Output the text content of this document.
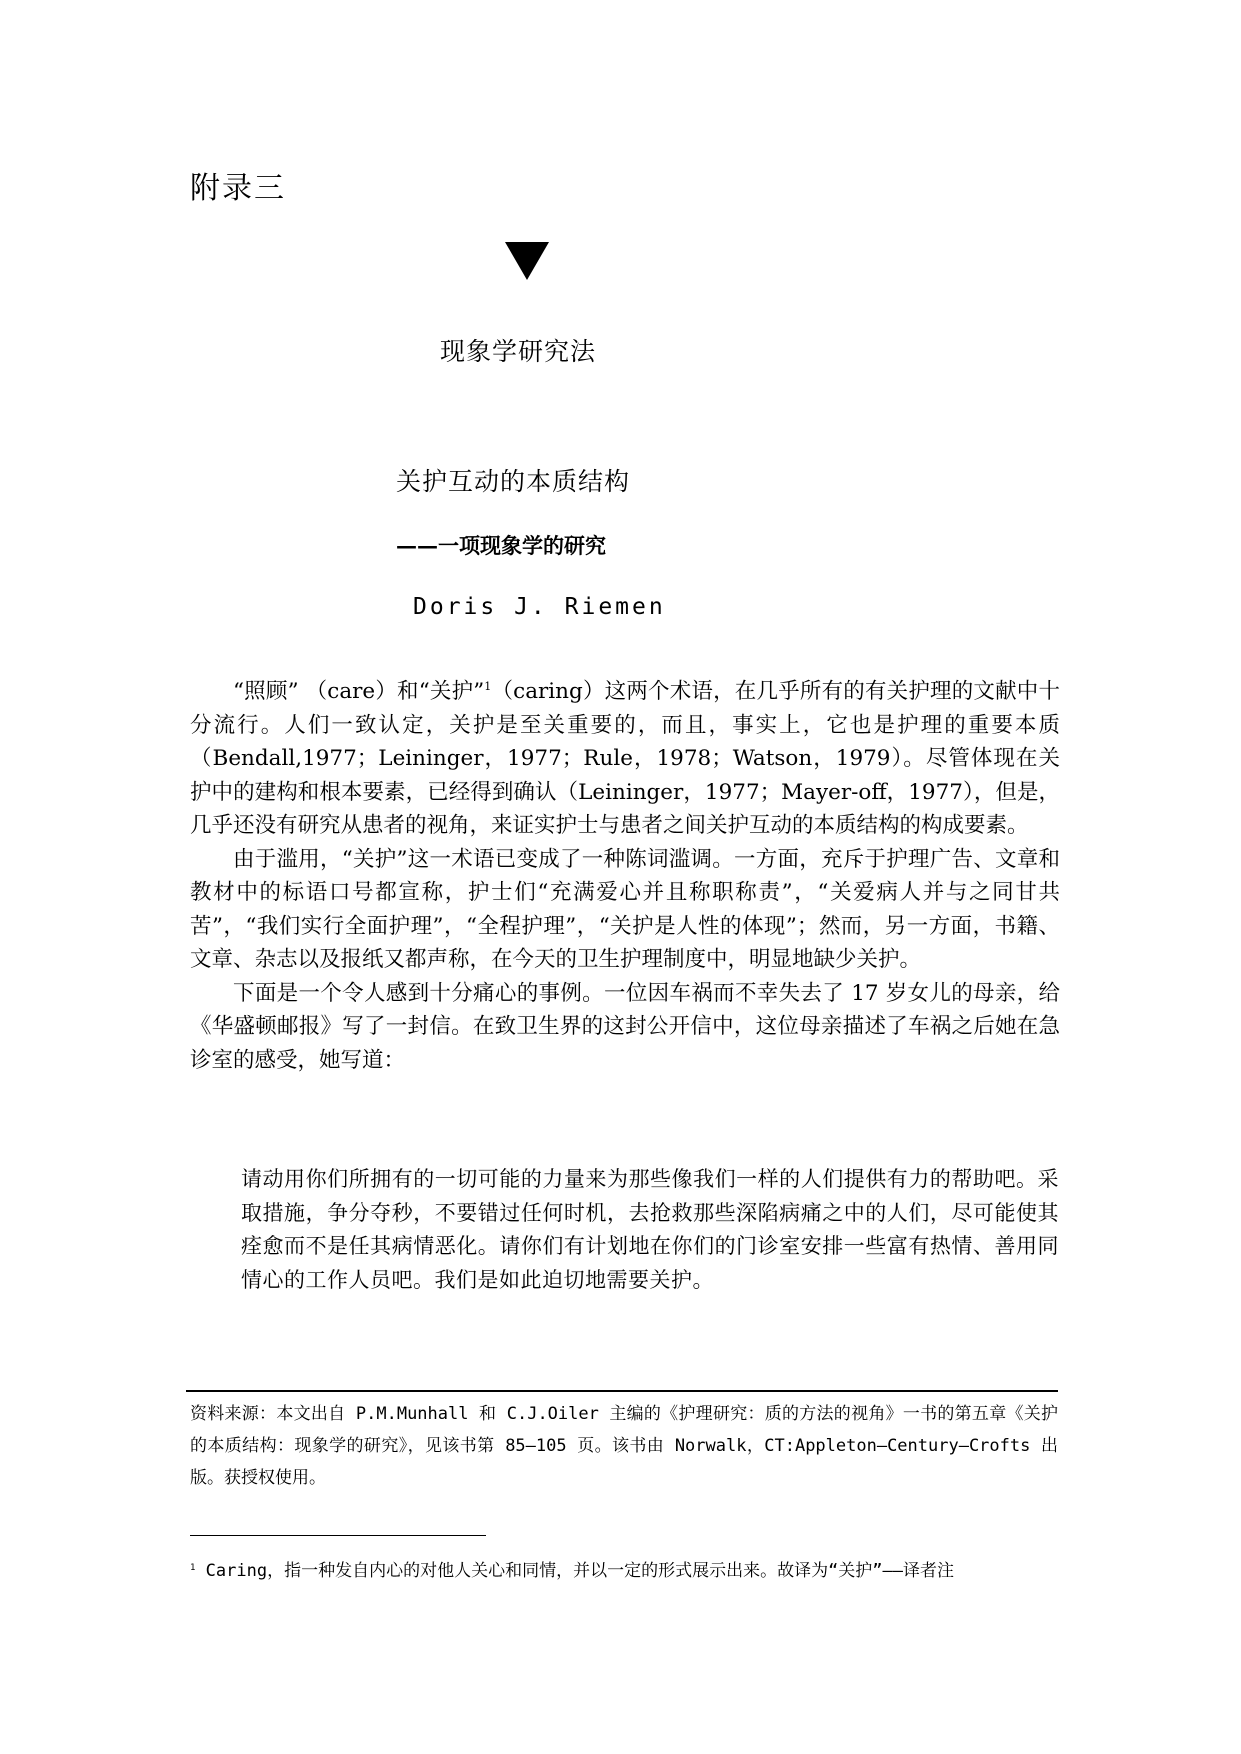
附录三
现象学研究法
关护互动的本质结构
——一项现象学的研究
Doris J. Riemen

“照顾” （care）和“关护”$^1$（caring）这两个术语，在几乎所有的有关护理的文献中十分流行。人们一致认定，关护是至关重要的，而且，事实上，它也是护理的重要本质（Bendall,1977；Leininger，1977；Rule，1978；Watson，1979）。尽管体现在关护中的建构和根本要素，已经得到确认（Leininger，1977；Mayer-off，1977），但是，几乎还没有研究从患者的视角，来证实护士与患者之间关护互动的本质结构的构成要素。

由于滥用，“关护”这一术语已变成了一种陈词滥调。一方面，充斥于护理广告、文章和教材中的标语口号都宣称，护士们“充满爱心并且称职称责”，“关爱病人并与之同甘共苦”，“我们实行全面护理”，“全程护理”，“关护是人性的体现”；然而，另一方面，书籍、文章、杂志以及报纸又都声称，在今天的卫生护理制度中，明显地缺少关护。

下面是一个令人感到十分痛心的事例。一位因车祸而不幸失去了 17 岁女儿的母亲，给《华盛顿邮报》写了一封信。在致卫生界的这封公开信中，这位母亲描述了车祸之后她在急诊室的感受，她写道：

请动用你们所拥有的一切可能的力量来为那些像我们一样的人们提供有力的帮助吧。采取措施，争分夺秒，不要错过任何时机，去抢救那些深陷病痛之中的人们，尽可能使其痊愈而不是任其病情恶化。请你们有计划地在你们的门诊室安排一些富有热情、善用同情心的工作人员吧。我们是如此迫切地需要关护。
资料来源：本文出自 P.M.Munhall 和 C.J.Oiler 主编的《护理研究：质的方法的视角》一书的第五章《关护的本质结构：现象学的研究》，见该书第 85—105 页。该书由 Norwalk，CT:Appleton—Century—Crofts 出版。获授权使用。
$^1$ Caring，指一种发自内心的对他人关心和同情，并以一定的形式展示出来。故译为“关护”——译者注
